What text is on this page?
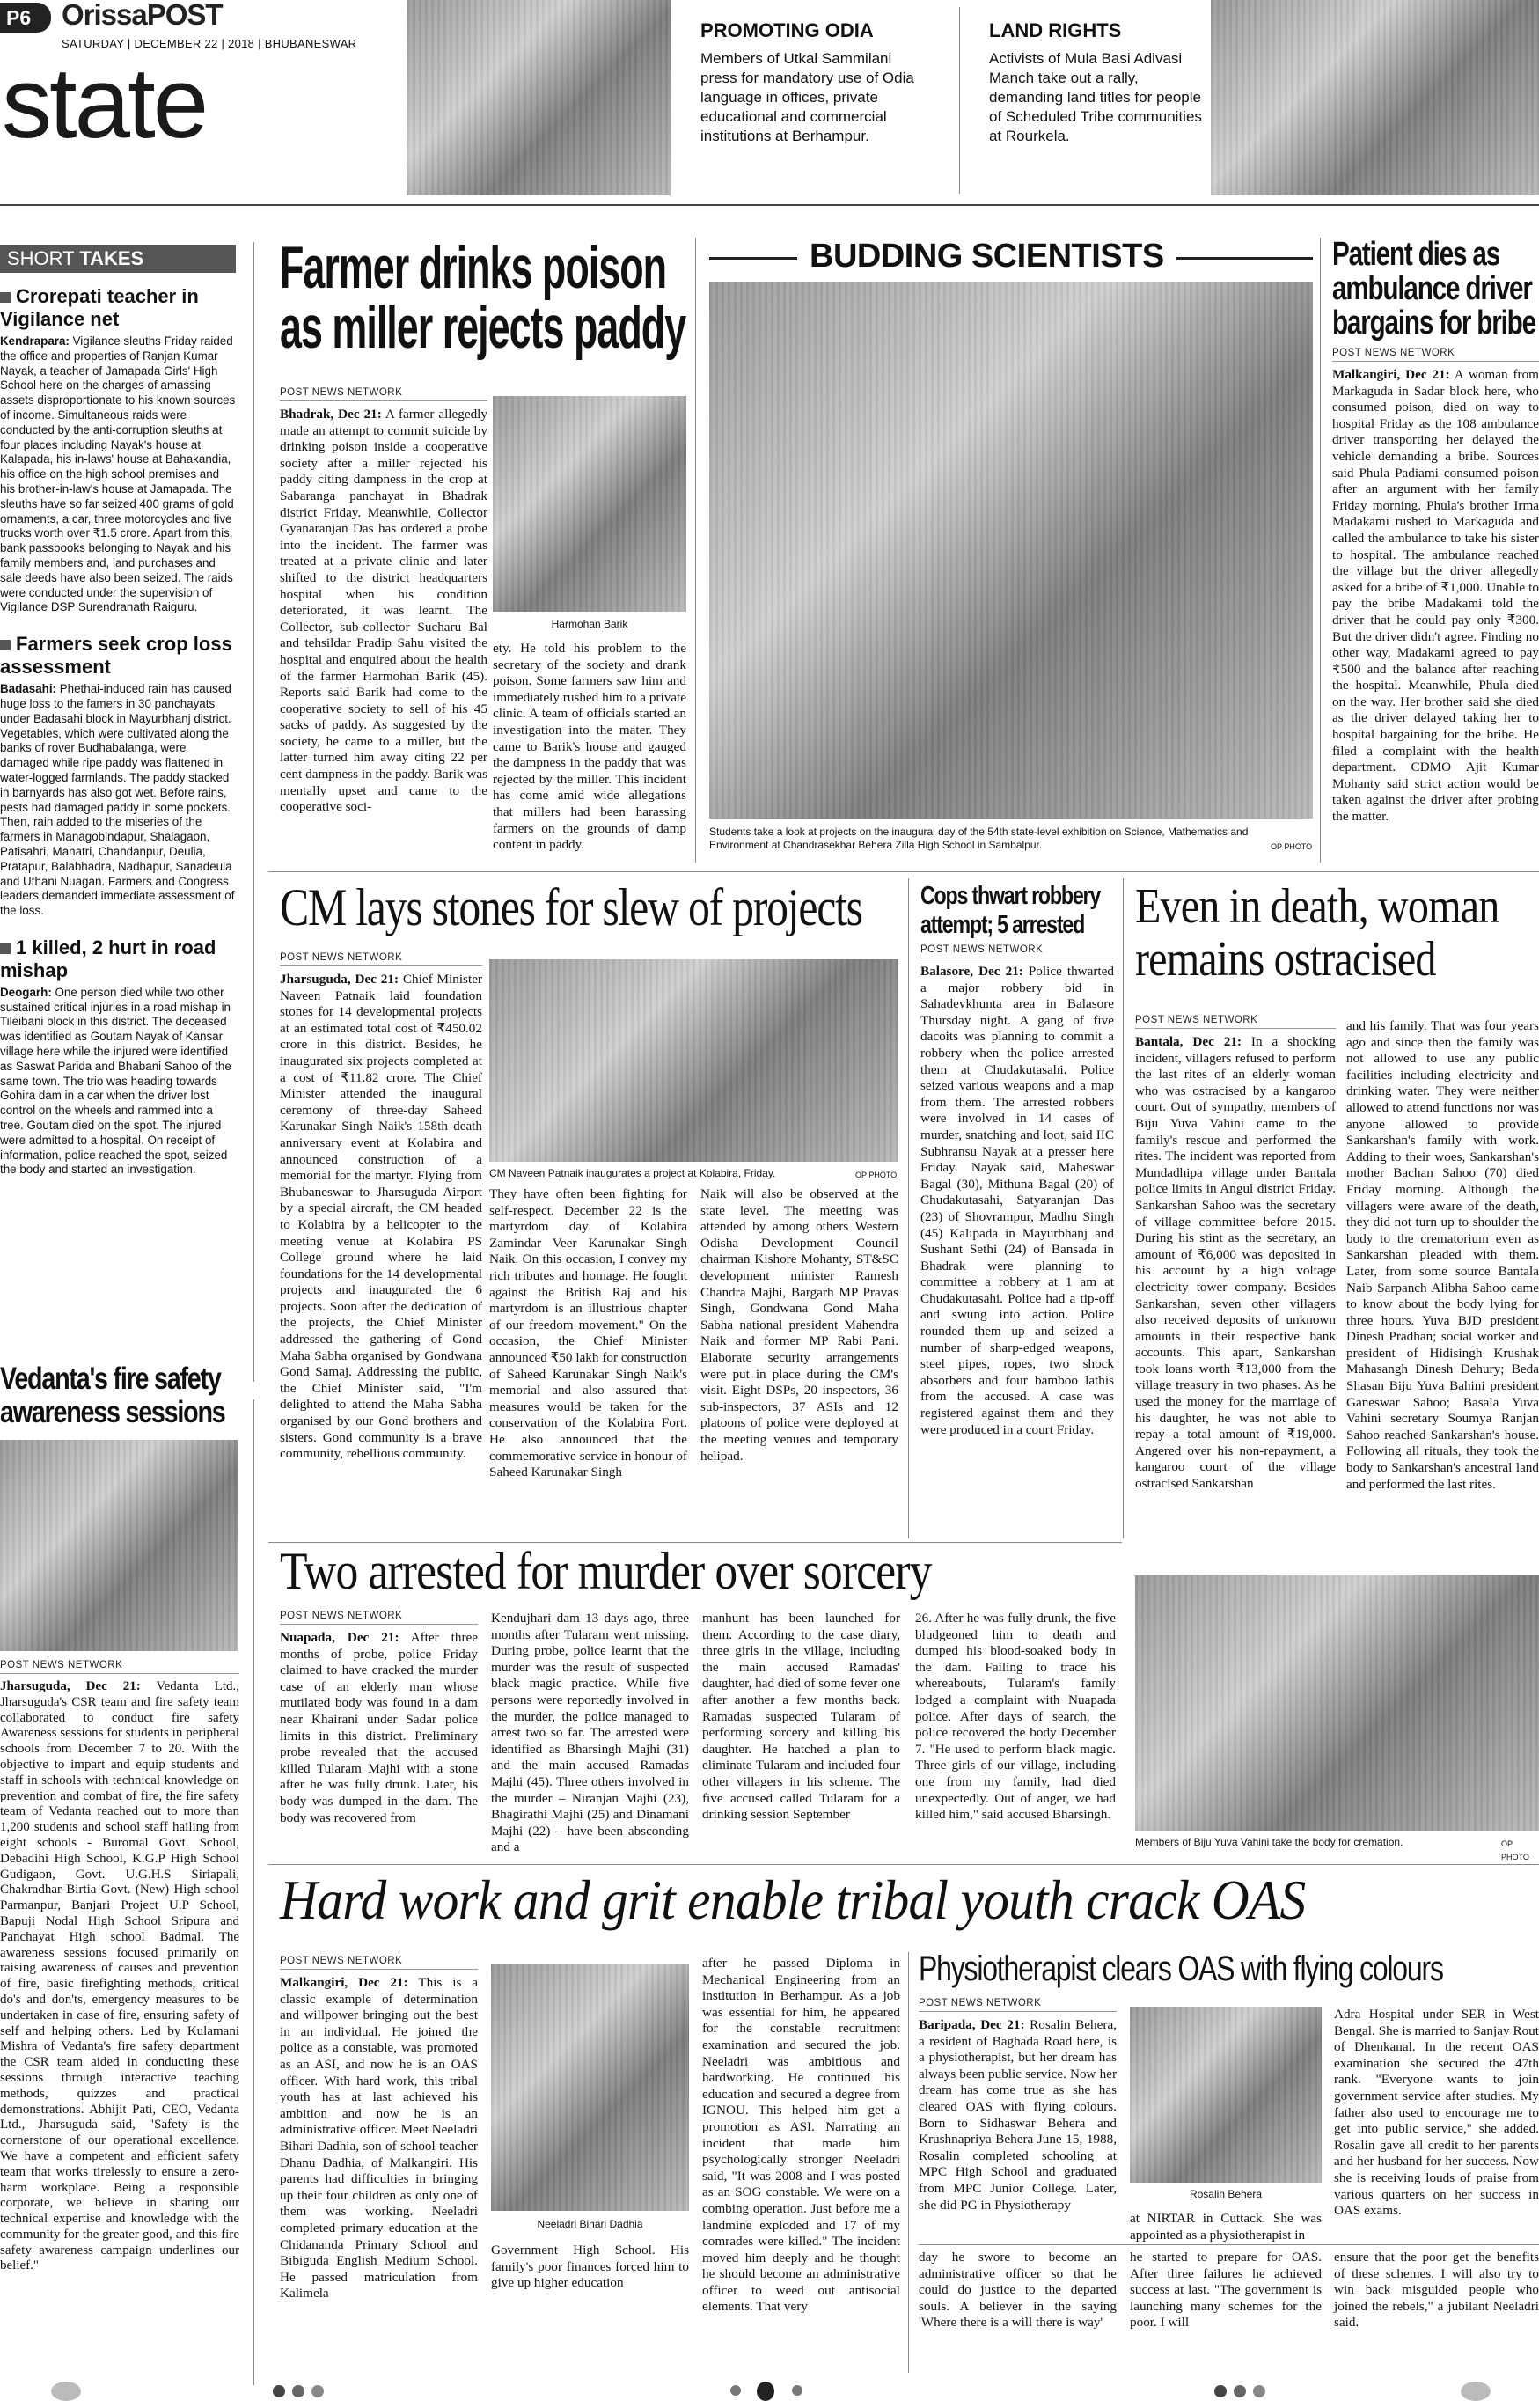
P6	OrissaPOST
SATURDAY | DECEMBER 22 | 2018 | BHUBANESWAR
state
PROMOTING ODIA
Members of Utkal Sammilani press for mandatory use of Odia language in offices, private educational and commercial institutions at Berhampur.
LAND RIGHTS
Activists of Mula Basi Adivasi Manch take out a rally, demanding land titles for people of Scheduled Tribe communities at Rourkela.
SHORT TAKES
Crorepati teacher in Vigilance net
Kendrapara: Vigilance sleuths Friday raided the office and properties of Ranjan Kumar Nayak, a teacher of Jamapada Girls' High School here on the charges of amassing assets disproportionate to his known sources of income. Simultaneous raids were conducted by the anti-corruption sleuths at four places including Nayak's house at Kalapada, his in-laws' house at Bahakandia, his office on the high school premises and his brother-in-law's house at Jamapada. The sleuths have so far seized 400 grams of gold ornaments, a car, three motorcycles and five trucks worth over ₹1.5 crore. Apart from this, bank passbooks belonging to Nayak and his family members and, land purchases and sale deeds have also been seized. The raids were conducted under the supervision of Vigilance DSP Surendranath Raiguru.
Farmers seek crop loss assessment
Badasahi: Phethai-induced rain has caused huge loss to the famers in 30 panchayats under Badasahi block in Mayurbhanj district. Vegetables, which were cultivated along the banks of rover Budhabalanga, were damaged while ripe paddy was flattened in water-logged farmlands. The paddy stacked in barnyards has also got wet. Before rains, pests had damaged paddy in some pockets. Then, rain added to the miseries of the farmers in Managobindapur, Shalagaon, Patisahri, Manatri, Chandanpur, Deulia, Pratapur, Balabhadra, Nadhapur, Sanadeula and Uthani Nuagan. Farmers and Congress leaders demanded immediate assessment of the loss.
1 killed, 2 hurt in road mishap
Deogarh: One person died while two other sustained critical injuries in a road mishap in Tileibani block in this district. The deceased was identified as Goutam Nayak of Kansar village here while the injured were identified as Saswat Parida and Bhabani Sahoo of the same town. The trio was heading towards Gohira dam in a car when the driver lost control on the wheels and rammed into a tree. Goutam died on the spot. The injured were admitted to a hospital. On receipt of information, police reached the spot, seized the body and started an investigation.
Vedanta's fire safety awareness sessions
POST NEWS NETWORK
Jharsuguda, Dec 21: Vedanta Ltd., Jharsuguda's CSR team and fire safety team collaborated to conduct fire safety Awareness sessions for students in peripheral schools from December 7 to 20. With the objective to impart and equip students and staff in schools with technical knowledge on prevention and combat of fire, the fire safety team of Vedanta reached out to more than 1,200 students and school staff hailing from eight schools - Buromal Govt. School, Debadihi High School, K.G.P High School Gudigaon, Govt. U.G.H.S Siriapali, Chakradhar Birtia Govt. (New) High school Parmanpur, Banjari Project U.P School, Bapuji Nodal High School Sripura and Panchayat High school Badmal. The awareness sessions focused primarily on raising awareness of causes and prevention of fire, basic firefighting methods, critical do's and don'ts, emergency measures to be undertaken in case of fire, ensuring safety of self and helping others. Led by Kulamani Mishra of Vedanta's fire safety department the CSR team aided in conducting these sessions through interactive teaching methods, quizzes and practical demonstrations. Abhijit Pati, CEO, Vedanta Ltd., Jharsuguda said, "Safety is the cornerstone of our operational excellence. We have a competent and efficient safety team that works tirelessly to ensure a zero-harm workplace. Being a responsible corporate, we believe in sharing our technical expertise and knowledge with the community for the greater good, and this fire safety awareness campaign underlines our belief."
Farmer drinks poison as miller rejects paddy
POST NEWS NETWORK
Bhadrak, Dec 21: A farmer allegedly made an attempt to commit suicide by drinking poison inside a cooperative society after a miller rejected his paddy citing dampness in the crop at Sabaranga panchayat in Bhadrak district Friday. Meanwhile, Collector Gyanaranjan Das has ordered a probe into the incident. The farmer was treated at a private clinic and later shifted to the district headquarters hospital when his condition deteriorated, it was learnt. The Collector, sub-collector Sucharu Bal and tehsildar Pradip Sahu visited the hospital and enquired about the health of the farmer Harmohan Barik (45). Reports said Barik had come to the cooperative society to sell of his 45 sacks of paddy. As suggested by the society, he came to a miller, but the latter turned him away citing 22 per cent dampness in the paddy. Barik was mentally upset and came to the cooperative soci-
Harmohan Barik
ety. He told his problem to the secretary of the society and drank poison. Some farmers saw him and immediately rushed him to a private clinic. A team of officials started an investigation into the mater. They came to Barik's house and gauged the dampness in the paddy that was rejected by the miller. This incident has come amid wide allegations that millers had been harassing farmers on the grounds of damp content in paddy.
BUDDING SCIENTISTS
Students take a look at projects on the inaugural day of the 54th state-level exhibition on Science, Mathematics and Environment at Chandrasekhar Behera Zilla High School in Sambalpur.	OP PHOTO
Patient dies as ambulance driver bargains for bribe
POST NEWS NETWORK
Malkangiri, Dec 21: A woman from Markaguda in Sadar block here, who consumed poison, died on way to hospital Friday as the 108 ambulance driver transporting her delayed the vehicle demanding a bribe. Sources said Phula Padiami consumed poison after an argument with her family Friday morning. Phula's brother Irma Madakami rushed to Markaguda and called the ambulance to take his sister to hospital. The ambulance reached the village but the driver allegedly asked for a bribe of ₹1,000. Unable to pay the bribe Madakami told the driver that he could pay only ₹300. But the driver didn't agree. Finding no other way, Madakami agreed to pay ₹500 and the balance after reaching the hospital. Meanwhile, Phula died on the way. Her brother said she died as the driver delayed taking her to hospital bargaining for the bribe. He filed a complaint with the health department. CDMO Ajit Kumar Mohanty said strict action would be taken against the driver after probing the matter.
CM lays stones for slew of projects
POST NEWS NETWORK
Jharsuguda, Dec 21: Chief Minister Naveen Patnaik laid foundation stones for 14 developmental projects at an estimated total cost of ₹450.02 crore in this district. Besides, he inaugurated six projects completed at a cost of ₹11.82 crore. The Chief Minister attended the inaugural ceremony of three-day Saheed Karunakar Singh Naik's 158th death anniversary event at Kolabira and announced construction of a memorial for the martyr. Flying from Bhubaneswar to Jharsuguda Airport by a special aircraft, the CM headed to Kolabira by a helicopter to the meeting venue at Kolabira PS College ground where he laid foundations for the 14 developmental projects and inaugurated the 6 projects. Soon after the dedication of the projects, the Chief Minister addressed the gathering of Gond Maha Sabha organised by Gondwana Gond Samaj. Addressing the public, the Chief Minister said, "I'm delighted to attend the Maha Sabha organised by our Gond brothers and sisters. Gond community is a brave community, rebellious community.
CM Naveen Patnaik inaugurates a project at Kolabira, Friday.	OP PHOTO
They have often been fighting for self-respect. December 22 is the martyrdom day of Kolabira Zamindar Veer Karunakar Singh Naik. On this occasion, I convey my rich tributes and homage. He fought against the British Raj and his martyrdom is an illustrious chapter of our freedom movement." On the occasion, the Chief Minister announced ₹50 lakh for construction of Saheed Karunakar Singh Naik's memorial and also assured that measures would be taken for the conservation of the Kolabira Fort. He also announced that the commemorative service in honour of Saheed Karunakar Singh
Naik will also be observed at the state level. The meeting was attended by among others Western Odisha Development Council chairman Kishore Mohanty, ST&SC development minister Ramesh Chandra Majhi, Bargarh MP Pravas Singh, Gondwana Gond Maha Sabha national president Mahendra Naik and former MP Rabi Pani. Elaborate security arrangements were put in place during the CM's visit. Eight DSPs, 20 inspectors, 36 sub-inspectors, 37 ASIs and 12 platoons of police were deployed at the meeting venues and temporary helipad.
Cops thwart robbery attempt; 5 arrested
POST NEWS NETWORK
Balasore, Dec 21: Police thwarted a major robbery bid in Sahadevkhunta area in Balasore Thursday night. A gang of five dacoits was planning to commit a robbery when the police arrested them at Chudakutasahi. Police seized various weapons and a map from them. The arrested robbers were involved in 14 cases of murder, snatching and loot, said IIC Subhransu Nayak at a presser here Friday. Nayak said, Maheswar Bagal (30), Mithuna Bagal (20) of Chudakutasahi, Satyaranjan Das (23) of Shovrampur, Madhu Singh (45) Kalipada in Mayurbhanj and Sushant Sethi (24) of Bansada in Bhadrak were planning to committee a robbery at 1 am at Chudakutasahi. Police had a tip-off and swung into action. Police rounded them up and seized a number of sharp-edged weapons, steel pipes, ropes, two shock absorbers and four bamboo lathis from the accused. A case was registered against them and they were produced in a court Friday.
Even in death, woman remains ostracised
POST NEWS NETWORK
Bantala, Dec 21: In a shocking incident, villagers refused to perform the last rites of an elderly woman who was ostracised by a kangaroo court. Out of sympathy, members of Biju Yuva Vahini came to the family's rescue and performed the rites. The incident was reported from Mundadhipa village under Bantala police limits in Angul district Friday. Sankarshan Sahoo was the secretary of village committee before 2015. During his stint as the secretary, an amount of ₹6,000 was deposited in his account by a high voltage electricity tower company. Besides Sankarshan, seven other villagers also received deposits of unknown amounts in their respective bank accounts. This apart, Sankarshan took loans worth ₹13,000 from the village treasury in two phases. As he used the money for the marriage of his daughter, he was not able to repay a total amount of ₹19,000. Angered over his non-repayment, a kangaroo court of the village ostracised Sankarshan
and his family. That was four years ago and since then the family was not allowed to use any public facilities including electricity and drinking water. They were neither allowed to attend functions nor was anyone allowed to provide Sankarshan's family with work. Adding to their woes, Sankarshan's mother Bachan Sahoo (70) died Friday morning. Although the villagers were aware of the death, they did not turn up to shoulder the body to the crematorium even as Sankarshan pleaded with them. Later, from some source Bantala Naib Sarpanch Alibha Sahoo came to know about the body lying for three hours. Yuva BJD president Dinesh Pradhan; social worker and president of Hidisingh Krushak Mahasangh Dinesh Dehury; Beda Shasan Biju Yuva Bahini president Ganeswar Sahoo; Basala Yuva Vahini secretary Soumya Ranjan Sahoo reached Sankarshan's house. Following all rituals, they took the body to Sankarshan's ancestral land and performed the last rites.
Members of Biju Yuva Vahini take the body for cremation.	OP PHOTO
Two arrested for murder over sorcery
POST NEWS NETWORK
Nuapada, Dec 21: After three months of probe, police Friday claimed to have cracked the murder case of an elderly man whose mutilated body was found in a dam near Khairani under Sadar police limits in this district. Preliminary probe revealed that the accused killed Tularam Majhi with a stone after he was fully drunk. Later, his body was dumped in the dam. The body was recovered from
Kendujhari dam 13 days ago, three months after Tularam went missing. During probe, police learnt that the murder was the result of suspected black magic practice. While five persons were reportedly involved in the murder, the police managed to arrest two so far. The arrested were identified as Bharsingh Majhi (31) and the main accused Ramadas Majhi (45). Three others involved in the murder – Niranjan Majhi (23), Bhagirathi Majhi (25) and Dinamani Majhi (22) – have been absconding and a
manhunt has been launched for them. According to the case diary, three girls in the village, including the main accused Ramadas' daughter, had died of some fever one after another a few months back. Ramadas suspected Tularam of performing sorcery and killing his daughter. He hatched a plan to eliminate Tularam and included four other villagers in his scheme. The five accused called Tularam for a drinking session September
26. After he was fully drunk, the five bludgeoned him to death and dumped his blood-soaked body in the dam. Failing to trace his whereabouts, Tularam's family lodged a complaint with Nuapada police. After days of search, the police recovered the body December 7. "He used to perform black magic. Three girls of our village, including one from my family, had died unexpectedly. Out of anger, we had killed him," said accused Bharsingh.
Hard work and grit enable tribal youth crack OAS
POST NEWS NETWORK
Malkangiri, Dec 21: This is a classic example of determination and willpower bringing out the best in an individual. He joined the police as a constable, was promoted as an ASI, and now he is an OAS officer. With hard work, this tribal youth has at last achieved his ambition and now he is an administrative officer. Meet Neeladri Bihari Dadhia, son of school teacher Dhanu Dadhia, of Malkangiri. His parents had difficulties in bringing up their four children as only one of them was working. Neeladri completed primary education at the Chidananda Primary School and Bibiguda English Medium School. He passed matriculation from Kalimela
Neeladri Bihari Dadhia
Government High School. His family's poor finances forced him to give up higher education
after he passed Diploma in Mechanical Engineering from an institution in Berhampur. As a job was essential for him, he appeared for the constable recruitment examination and secured the job. Neeladri was ambitious and hardworking. He continued his education and secured a degree from IGNOU. This helped him get a promotion as ASI. Narrating an incident that made him psychologically stronger Neeladri said, "It was 2008 and I was posted as an SOG constable. We were on a combing operation. Just before me a landmine exploded and 17 of my comrades were killed." The incident moved him deeply and he thought he should become an administrative officer to weed out antisocial elements. That very
Physiotherapist clears OAS with flying colours
POST NEWS NETWORK
Baripada, Dec 21: Rosalin Behera, a resident of Baghada Road here, is a physiotherapist, but her dream has always been public service. Now her dream has come true as she has cleared OAS with flying colours. Born to Sidhaswar Behera and Krushnapriya Behera June 15, 1988, Rosalin completed schooling at MPC High School and graduated from MPC Junior College. Later, she did PG in Physiotherapy
Rosalin Behera
at NIRTAR in Cuttack. She was appointed as a physiotherapist in
Adra Hospital under SER in West Bengal. She is married to Sanjay Rout of Dhenkanal. In the recent OAS examination she secured the 47th rank. "Everyone wants to join government service after studies. My father also used to encourage me to get into public service," she added. Rosalin gave all credit to her parents and her husband for her success. Now she is receiving louds of praise from various quarters on her success in OAS exams.
day he swore to become an administrative officer so that he could do justice to the departed souls. A believer in the saying 'Where there is a will there is way'
he started to prepare for OAS. After three failures he achieved success at last. "The government is launching many schemes for the poor. I will
ensure that the poor get the benefits of these schemes. I will also try to win back misguided people who joined the rebels," a jubilant Neeladri said.
